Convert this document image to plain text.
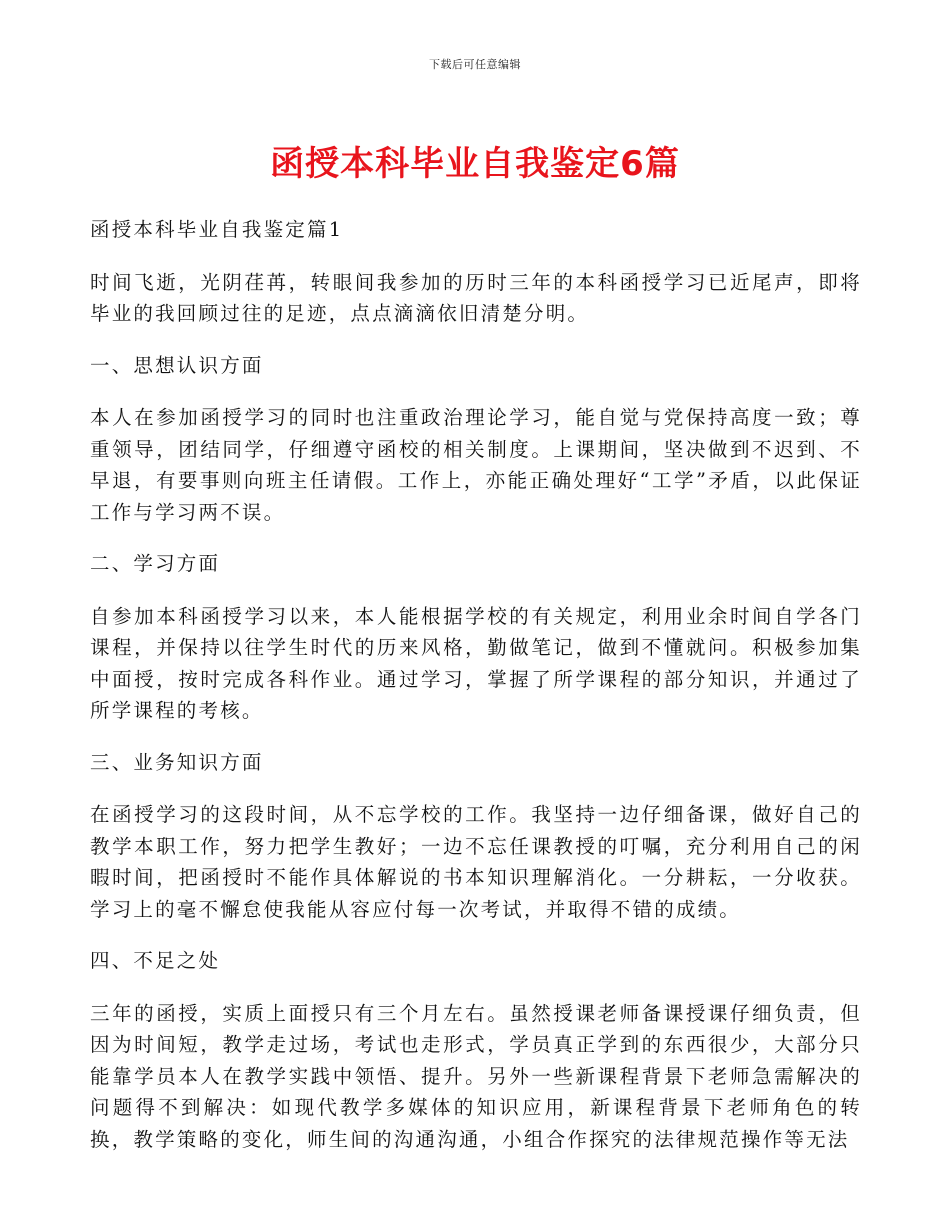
下载后可任意编辑
函授本科毕业自我鉴定6篇

函授本科毕业自我鉴定篇1

时间飞逝，光阴荏苒，转眼间我参加的历时三年的本科函授学习已近尾声，即将毕业的我回顾过往的足迹，点点滴滴依旧清楚分明。

一、思想认识方面

本人在参加函授学习的同时也注重政治理论学习，能自觉与党保持高度一致；尊重领导，团结同学，仔细遵守函校的相关制度。上课期间，坚决做到不迟到、不早退，有要事则向班主任请假。工作上，亦能正确处理好“工学”矛盾，以此保证工作与学习两不误。

二、学习方面

自参加本科函授学习以来，本人能根据学校的有关规定，利用业余时间自学各门课程，并保持以往学生时代的历来风格，勤做笔记，做到不懂就问。积极参加集中面授，按时完成各科作业。通过学习，掌握了所学课程的部分知识，并通过了所学课程的考核。

三、业务知识方面

在函授学习的这段时间，从不忘学校的工作。我坚持一边仔细备课，做好自己的教学本职工作，努力把学生教好；一边不忘任课教授的叮嘱，充分利用自己的闲暇时间，把函授时不能作具体解说的书本知识理解消化。一分耕耘，一分收获。学习上的毫不懈怠使我能从容应付每一次考试，并取得不错的成绩。

四、不足之处

三年的函授，实质上面授只有三个月左右。虽然授课老师备课授课仔细负责，但因为时间短，教学走过场，考试也走形式，学员真正学到的东西很少，大部分只能靠学员本人在教学实践中领悟、提升。另外一些新课程背景下老师急需解决的问题得不到解决：如现代教学多媒体的知识应用，新课程背景下老师角色的转换，教学策略的变化，师生间的沟通沟通，小组合作探究的法律规范操作等无法
